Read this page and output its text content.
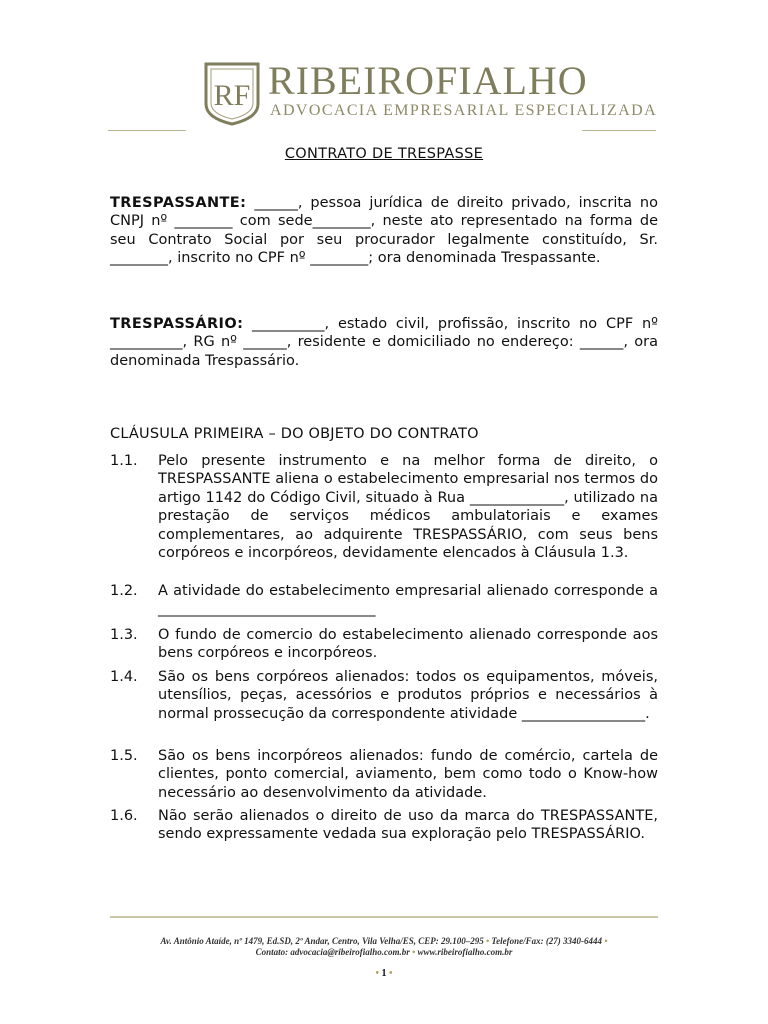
RF RIBEIROFIALHO
ADVOCACIA EMPRESARIAL ESPECIALIZADA
CONTRATO DE TRESPASSE
TRESPASSANTE: ______, pessoa jurídica de direito privado, inscrita no CNPJ nº ________ com sede________, neste ato representado na forma de seu Contrato Social por seu procurador legalmente constituído, Sr. ________, inscrito no CPF nº ________; ora denominada Trespassante.
TRESPASSÁRIO: __________, estado civil, profissão, inscrito no CPF nº __________, RG nº ______, residente e domiciliado no endereço: ______, ora denominada Trespassário.
CLÁUSULA PRIMEIRA – DO OBJETO DO CONTRATO
1.1. Pelo presente instrumento e na melhor forma de direito, o TRESPASSANTE aliena o estabelecimento empresarial nos termos do artigo 1142 do Código Civil, situado à Rua _____________, utilizado na prestação de serviços médicos ambulatoriais e exames complementares, ao adquirente TRESPASSÁRIO, com seus bens corpóreos e incorpóreos, devidamente elencados à Cláusula 1.3.
1.2. A atividade do estabelecimento empresarial alienado corresponde a ______________________________
1.3. O fundo de comercio do estabelecimento alienado corresponde aos bens corpóreos e incorpóreos.
1.4. São os bens corpóreos alienados: todos os equipamentos, móveis, utensílios, peças, acessórios e produtos próprios e necessários à normal prossecução da correspondente atividade _________________.
1.5. São os bens incorpóreos alienados: fundo de comércio, cartela de clientes, ponto comercial, aviamento, bem como todo o Know-how necessário ao desenvolvimento da atividade.
1.6. Não serão alienados o direito de uso da marca do TRESPASSANTE, sendo expressamente vedada sua exploração pelo TRESPASSÁRIO.
Av. Antônio Ataíde, nº 1479, Ed.SD, 2º Andar, Centro, Vila Velha/ES, CEP: 29.100–295 • Telefone/Fax: (27) 3340-6444 •
Contato: advocacia@ribeirofialho.com.br • www.ribeirofialho.com.br
• 1 •
